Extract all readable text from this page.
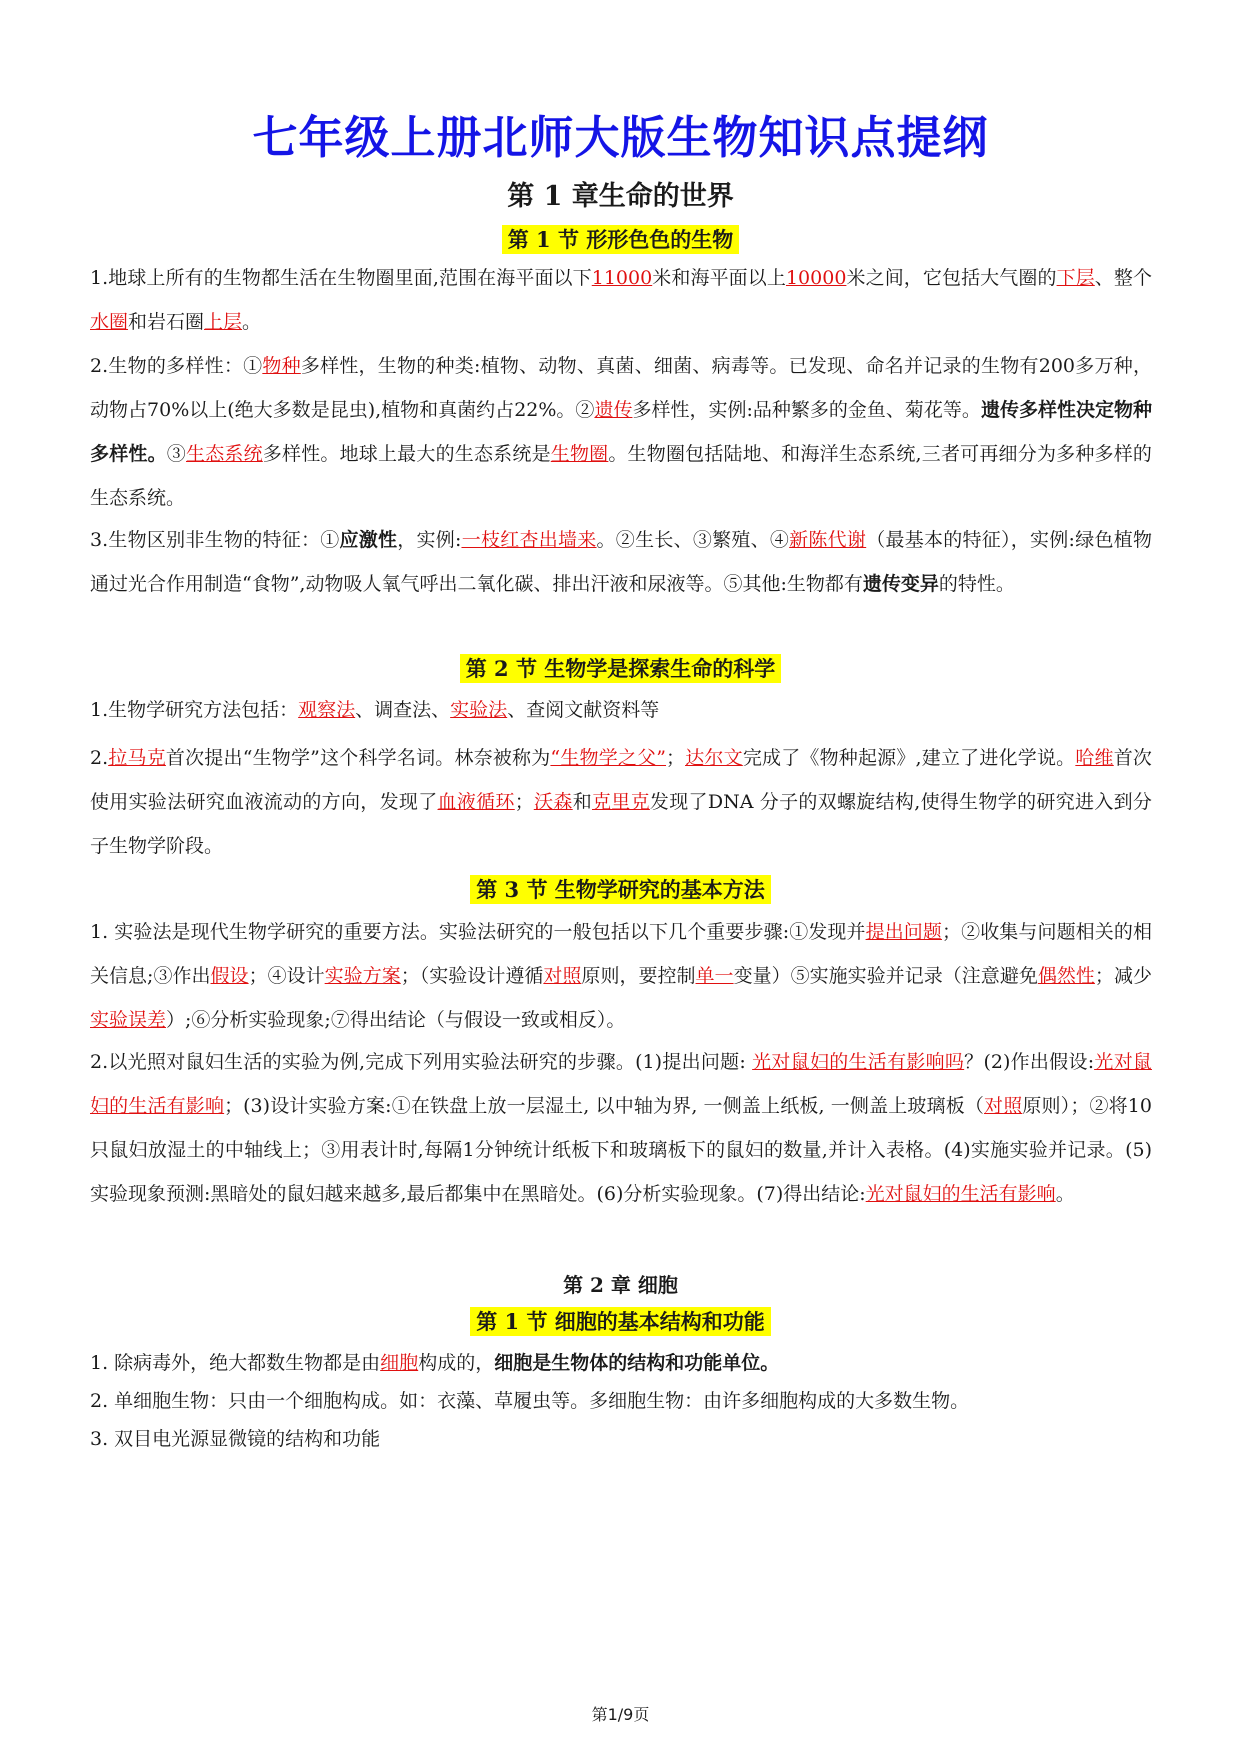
七年级上册北师大版生物知识点提纲
第 1 章生命的世界
第 1 节 形形色色的生物

1.地球上所有的生物都生活在生物圈里面,范围在海平面以下11000米和海平面以上10000米之间，它包括大气圈的下层、整个水圈和岩石圈上层。

2.生物的多样性：①物种多样性，生物的种类:植物、动物、真菌、细菌、病毒等。已发现、命名并记录的生物有200多万种，动物占70%以上(绝大多数是昆虫),植物和真菌约占22%。②遗传多样性，实例:品种繁多的金鱼、菊花等。遗传多样性决定物种多样性。③生态系统多样性。地球上最大的生态系统是生物圈。生物圈包括陆地、和海洋生态系统,三者可再细分为多种多样的生态系统。

3.生物区别非生物的特征：①应激性，实例:一枝红杏出墙来。②生长、③繁殖、④新陈代谢（最基本的特征），实例:绿色植物通过光合作用制造“食物”,动物吸人氧气呼出二氧化碳、排出汗液和尿液等。⑤其他:生物都有遗传变异的特性。

第 2 节 生物学是探索生命的科学

1.生物学研究方法包括：观察法、调查法、实验法、查阅文献资料等

2.拉马克首次提出“生物学”这个科学名词。林奈被称为“生物学之父”；达尔文完成了《物种起源》,建立了进化学说。哈维首次使用实验法研究血液流动的方向，发现了血液循环；沃森和克里克发现了DNA 分子的双螺旋结构,使得生物学的研究进入到分子生物学阶段。

第 3 节 生物学研究的基本方法

1. 实验法是现代生物学研究的重要方法。实验法研究的一般包括以下几个重要步骤:①发现并提出问题；②收集与问题相关的相关信息;③作出假设；④设计实验方案；（实验设计遵循对照原则，要控制单一变量）⑤实施实验并记录（注意避免偶然性；减少实验误差）;⑥分析实验现象;⑦得出结论（与假设一致或相反）。

2.以光照对鼠妇生活的实验为例,完成下列用实验法研究的步骤。(1)提出问题: 光对鼠妇的生活有影响吗？(2)作出假设:光对鼠妇的生活有影响；(3)设计实验方案:①在铁盘上放一层湿土, 以中轴为界, 一侧盖上纸板, 一侧盖上玻璃板（对照原则）；②将10只鼠妇放湿土的中轴线上；③用表计时,每隔1分钟统计纸板下和玻璃板下的鼠妇的数量,并计入表格。(4)实施实验并记录。(5)实验现象预测:黑暗处的鼠妇越来越多,最后都集中在黑暗处。(6)分析实验现象。(7)得出结论:光对鼠妇的生活有影响。

第 2 章 细胞
第 1 节 细胞的基本结构和功能

1. 除病毒外，绝大都数生物都是由细胞构成的，细胞是生物体的结构和功能单位。

2. 单细胞生物：只由一个细胞构成。如：衣藻、草履虫等。多细胞生物：由许多细胞构成的大多数生物。

3. 双目电光源显微镜的结构和功能

第1/9页
